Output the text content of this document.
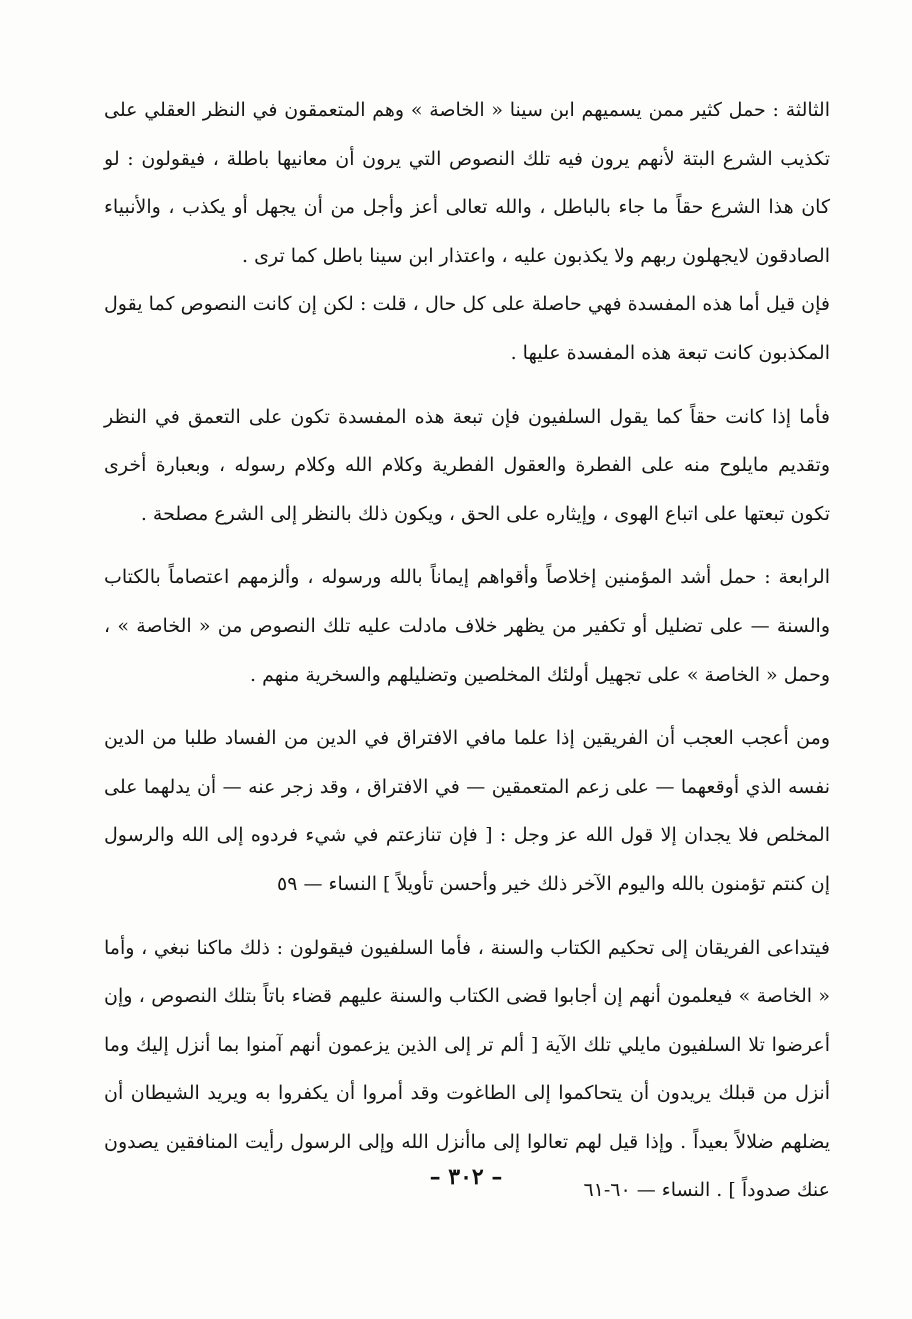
الثالثة : حمل كثير ممن يسميهم ابن سينا « الخاصة » وهم المتعمقون في النظر العقلي على تكذيب الشرع البتة لأنهم يرون فيه تلك النصوص التي يرون أن معانيها باطلة ، فيقولون : لو كان هذا الشرع حقاً ما جاء بالباطل ، والله تعالى أعز وأجل من أن يجهل أو يكذب ، والأنبياء الصادقون لايجهلون ربهم ولا يكذبون عليه ، واعتذار ابن سينا باطل كما ترى .

فإن قيل أما هذه المفسدة فهي حاصلة على كل حال ، قلت : لكن إن كانت النصوص كما يقول المكذبون كانت تبعة هذه المفسدة عليها .

فأما إذا كانت حقاً كما يقول السلفيون فإن تبعة هذه المفسدة تكون على التعمق في النظر وتقديم مايلوح منه على الفطرة والعقول الفطرية وكلام الله وكلام رسوله ، وبعبارة أخرى تكون تبعتها على اتباع الهوى ، وإيثاره على الحق ، ويكون ذلك بالنظر إلى الشرع مصلحة .

الرابعة : حمل أشد المؤمنين إخلاصاً وأقواهم إيماناً بالله ورسوله ، وألزمهم اعتصاماً بالكتاب والسنة — على تضليل أو تكفير من يظهر خلاف مادلت عليه تلك النصوص من « الخاصة » ، وحمل « الخاصة » على تجهيل أولئك المخلصين وتضليلهم والسخرية منهم .

ومن أعجب العجب أن الفريقين إذا علما مافي الافتراق في الدين من الفساد طلبا من الدين نفسه الذي أوقعهما — على زعم المتعمقين — في الافتراق ، وقد زجر عنه — أن يدلهما على المخلص فلا يجدان إلا قول الله عز وجل : [ فإن تنازعتم في شيء فردوه إلى الله والرسول إن كنتم تؤمنون بالله واليوم الآخر ذلك خير وأحسن تأويلاً ] النساء — ٥٩

فيتداعى الفريقان إلى تحكيم الكتاب والسنة ، فأما السلفيون فيقولون : ذلك ماكنا نبغي ، وأما « الخاصة » فيعلمون أنهم إن أجابوا قضى الكتاب والسنة عليهم قضاء باتاً بتلك النصوص ، وإن أعرضوا تلا السلفيون مايلي تلك الآية [ ألم تر إلى الذين يزعمون أنهم آمنوا بما أنزل إليك وما أنزل من قبلك يريدون أن يتحاكموا إلى الطاغوت وقد أمروا أن يكفروا به ويريد الشيطان أن يضلهم ضلالاً بعيداً . وإذا قيل لهم تعالوا إلى ماأنزل الله وإلى الرسول رأيت المنافقين يصدون عنك صدوداً ] . النساء — ٦٠-٦١

– ٣٠٢ –
